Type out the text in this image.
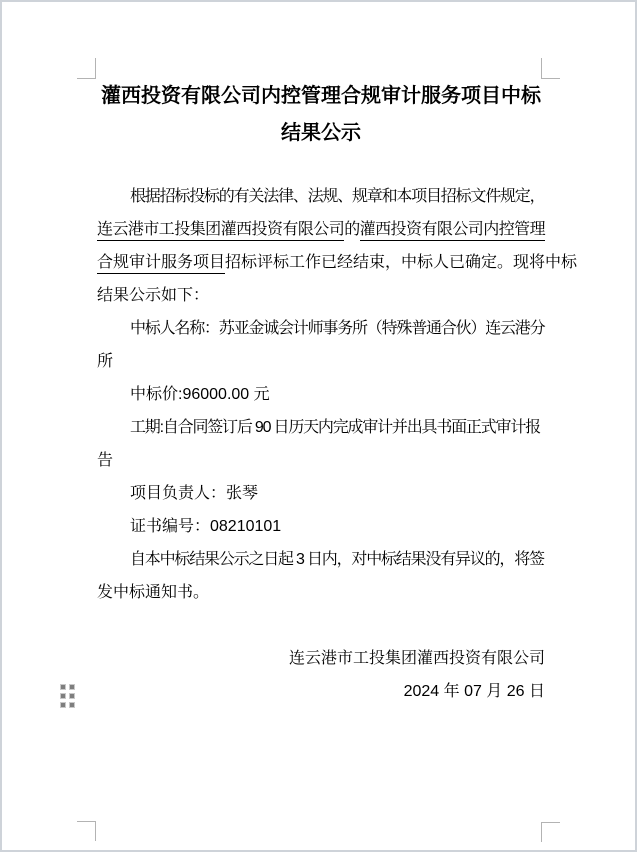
灌西投资有限公司内控管理合规审计服务项目中标
结果公示
根据招标投标的有关法律、法规、规章和本项目招标文件规定，
连云港市工投集团灌西投资有限公司的灌西投资有限公司内控管理
合规审计服务项目招标评标工作已经结束，中标人已确定。现将中标
结果公示如下：
中标人名称：苏亚金诚会计师事务所（特殊普通合伙）连云港分
所
中标价:96000.00 元
工期:自合同签订后 90 日历天内完成审计并出具书面正式审计报
告
项目负责人：张琴
证书编号：08210101
自本中标结果公示之日起 3 日内，对中标结果没有异议的，将签
发中标通知书。
连云港市工投集团灌西投资有限公司
2024 年 07 月 26 日
